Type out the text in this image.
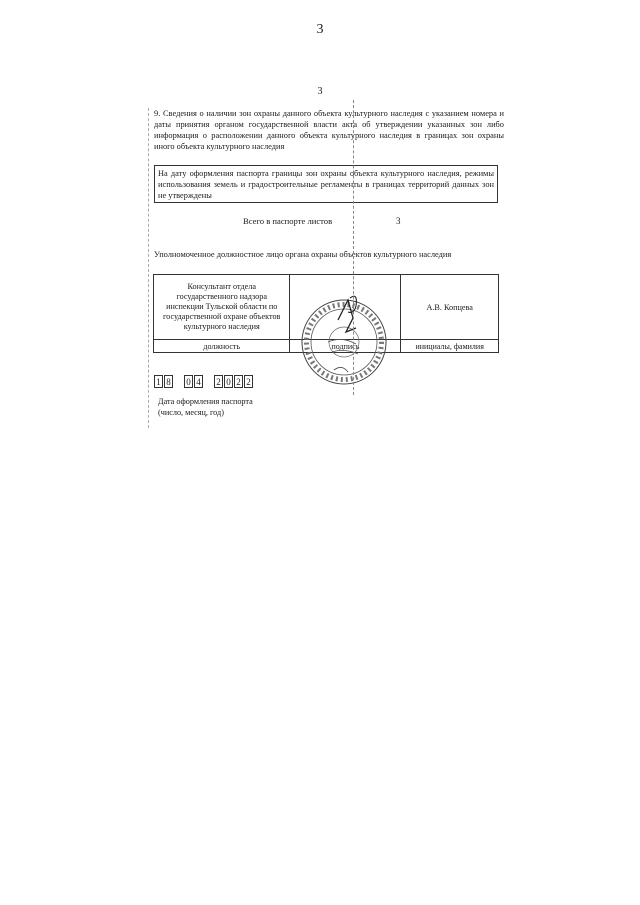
3
3
9. Сведения о наличии зон охраны данного объекта культурного наследия с указанием номера и даты принятия органом государственной власти акта об утверждении указанных зон либо информация о расположении данного объекта культурного наследия в границах зон охраны иного объекта культурного наследия
На дату оформления паспорта границы зон охраны объекта культурного наследия, режимы использования земель и градостроительные регламенты в границах территорий данных зон не утверждены
Всего в паспорте листов	3
Уполномоченное должностное лицо органа охраны объектов культурного наследия
Консультант отдела государственного надзора инспекции Тульской области по государственной охране объектов культурного наследия		А.В. Копцева
должность	подпись	инициалы, фамилия
1 8 0 4 2 0 2 2
Дата оформления паспорта
(число, месяц, год)
